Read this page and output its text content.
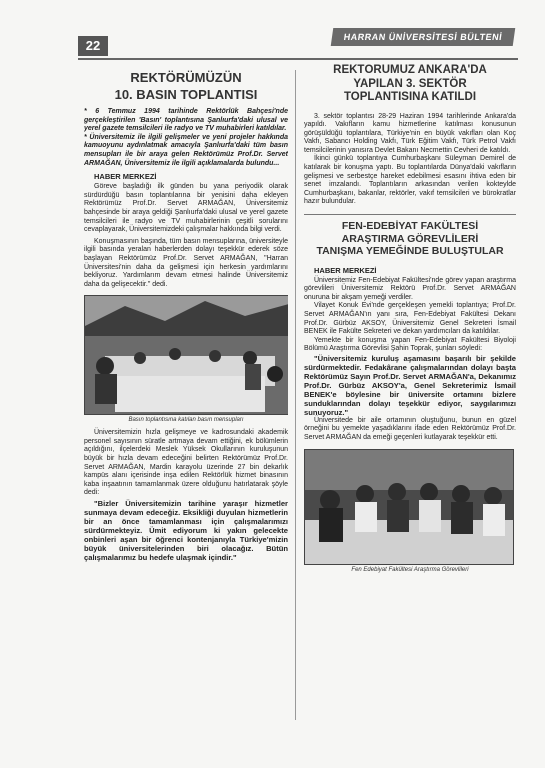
22
HARRAN ÜNİVERSİTESİ BÜLTENİ
REKTÖRÜMÜZÜN
10. BASIN TOPLANTISI

* 6 Temmuz 1994 tarihinde Rektörlük Bahçesi'nde gerçekleştirilen 'Basın' toplantısına Şanlıurfa'daki ulusal ve yerel gazete temsilcileri ile radyo ve TV muhabirleri katıldılar.

* Üniversitemiz ile ilgili gelişmeler ve yeni projeler hakkında kamuoyunu aydınlatmak amacıyla Şanlıurfa'daki tüm basın mensupları ile bir araya gelen Rektörümüz Prof.Dr. Servet ARMAĞAN, Üniversitemiz ile ilgili açıklamalarda bulundu...

HABER MERKEZİ

Göreve başladığı ilk günden bu yana periyodik olarak sürdürdüğü basın toplantılarına bir yenisini daha ekleyen Rektörümüz Prof.Dr. Servet ARMAĞAN, Üniversitemiz bahçesinde bir araya geldiği Şanlıurfa'daki ulusal ve yerel gazete temsilcileri ile radyo ve TV muhabirlerinin çeşitli sorularını cevaplayarak, Üniversitemizdeki çalışmalar hakkında bilgi verdi.

Konuşmasının başında, tüm basın mensuplarına, üniversiteyle ilgili basında yeralan haberlerden dolayı teşekkür ederek söze başlayan Rektörümüz Prof.Dr. Servet ARMAĞAN, "Harran Üniversitesi'nin daha da gelişmesi için herkesin yardımlarını bekliyoruz. Yardımlarım devam etmesi halinde Üniversitemiz daha da gelişecektir." dedi.

Basın toplantısına katılan basın mensupları

Üniversitemizin hızla gelişmeye ve kadrosundaki akademik personel sayısının süratle artmaya devam ettiğini, ek bölümlerin açıldığını, ilçelerdeki Meslek Yüksek Okullarının kuruluşunun büyük bir hızla devam edeceğini belirten Rektörümüz Prof.Dr. Servet ARMAĞAN, Mardin karayolu üzerinde 27 bin dekarlık kampüs alanı içerisinde inşa edilen Rektörlük hizmet binasının kaba inşaatının tamamlanmak üzere olduğunu hatırlatarak şöyle dedi:

"Bizler Üniversitemizin tarihine yaraşır hizmetler sunmaya devam edeceğiz. Eksikliği duyulan hizmetlerin bir an önce tamamlanması için çalışmalarımızı sürdürmekteyiz. Ümit ediyorum ki yakın gelecekte onbinleri aşan bir öğrenci kontenjanıyla Türkiye'mizin büyük üniversitelerinden biri olacağız. Bütün çalışmalarımız bu hedefe ulaşmak içindir."

REKTÖRÜMÜZ ANKARA'DA
YAPILAN 3. SEKTÖR
TOPLANTISINA KATILDI

3. sektör toplantısı 28-29 Haziran 1994 tarihlerinde Ankara'da yapıldı. Vakıfların kamu hizmetlerine katılması konusunun görüşüldüğü toplantılara, Türkiye'nin en büyük vakıfları olan Koç Vakfı, Sabancı Holding Vakfı, Türk Eğitim Vakfı, Türk Petrol Vakfı temsilcilerinin yanısıra Devlet Bakanı Necmettin Cevheri de katıldı.

İkinci günkü toplantıya Cumhurbaşkanı Süleyman Demirel de katılarak bir konuşma yaptı. Bu toplantılarda Dünya'daki vakıfların gelişmesi ve serbestçe hareket edebilmesi esasını ihtiva eden bir senet imzalandı. Toplantıların arkasından verilen kokteylde Cumhurbaşkanı, bakanlar, rektörler, vakıf temsilcileri ve bürokratlar hazır bulundular.

FEN-EDEBİYAT FAKÜLTESİ
ARAŞTIRMA GÖREVLİLERİ
TANIŞMA YEMEĞİNDE BULUŞTULAR
HABER MERKEZİ

Üniversitemiz Fen-Edebiyat Fakültesi'nde görev yapan araştırma görevlileri Üniversitemiz Rektörü Prof.Dr. Servet ARMAĞAN onuruna bir akşam yemeği verdiler.

Vilayet Konuk Evi'nde gerçekleşen yemekli toplantıya; Prof.Dr. Servet ARMAĞAN'ın yanı sıra, Fen-Edebiyat Fakültesi Dekanı Prof.Dr. Gürbüz AKSOY, Üniversitemiz Genel Sekreteri İsmail BENEK ile Fakülte Sekreteri ve dekan yardımcıları da katıldılar.

Yemekte bir konuşma yapan Fen-Edebiyat Fakültesi Biyoloji Bölümü Araştırma Görevlisi Şahin Toprak, şunları söyledi:

"Üniversitemiz kuruluş aşamasını başarılı bir şekilde sürdürmektedir. Fedakârane çalışmalarından dolayı başta Rektörümüz Sayın Prof.Dr. Servet ARMAĞAN'a, Dekanımız Prof.Dr. Gürbüz AKSOY'a, Genel Sekreterimiz İsmail BENEK'e böylesine bir üniversite ortamını bizlere sunduklarından dolayı teşekkür ediyor, saygılarımızı sunuyoruz."

Üniversitede bir aile ortamının oluştuğunu, bunun en güzel örneğini bu yemekte yaşadıklarını ifade eden Rektörümüz Prof.Dr. Servet ARMAĞAN da emeği geçenleri kutlayarak teşekkür etti.

Fen Edebiyat Fakültesi Araştırma Görevlileri
